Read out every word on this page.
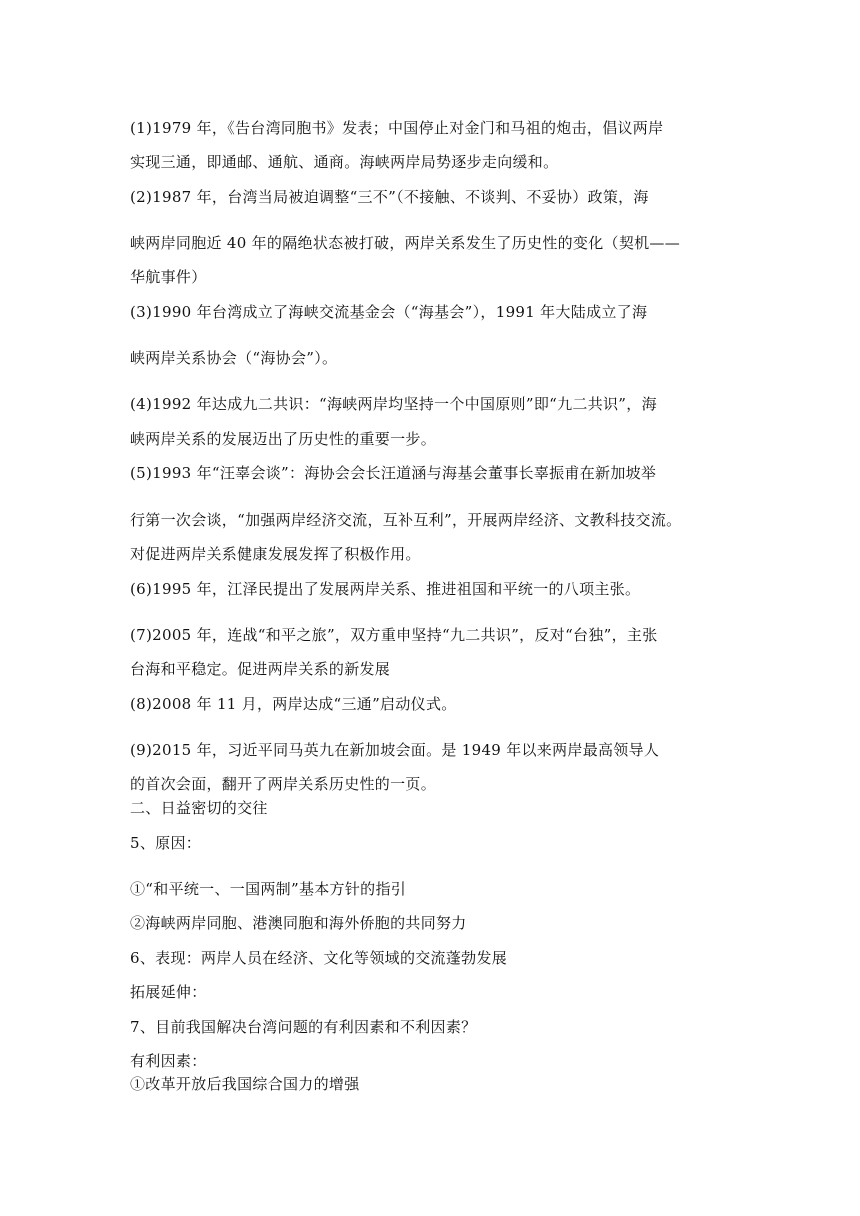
(1)1979 年，《告台湾同胞书》发表；中国停止对金门和马祖的炮击，倡议两岸
实现三通，即通邮、通航、通商。海峡两岸局势逐步走向缓和。
(2)1987 年，台湾当局被迫调整“三不”（不接触、不谈判、不妥协）政策，海
峡两岸同胞近 40 年的隔绝状态被打破，两岸关系发生了历史性的变化（契机——
华航事件）
(3)1990 年台湾成立了海峡交流基金会（“海基会”），1991 年大陆成立了海
峡两岸关系协会（“海协会”）。
(4)1992 年达成九二共识：“海峡两岸均坚持一个中国原则”即“九二共识”，海
峡两岸关系的发展迈出了历史性的重要一步。
(5)1993 年“汪辜会谈”：海协会会长汪道涵与海基会董事长辜振甫在新加坡举
行第一次会谈，“加强两岸经济交流，互补互利”，开展两岸经济、文教科技交流。
对促进两岸关系健康发展发挥了积极作用。
(6)1995 年，江泽民提出了发展两岸关系、推进祖国和平统一的八项主张。
(7)2005 年，连战“和平之旅”，双方重申坚持“九二共识”，反对“台独”，主张
台海和平稳定。促进两岸关系的新发展
(8)2008 年 11 月，两岸达成“三通”启动仪式。
(9)2015 年，习近平同马英九在新加坡会面。是 1949 年以来两岸最高领导人
的首次会面，翻开了两岸关系历史性的一页。
二、日益密切的交往
5、原因：
①“和平统一、一国两制”基本方针的指引
②海峡两岸同胞、港澳同胞和海外侨胞的共同努力
6、表现：两岸人员在经济、文化等领域的交流蓬勃发展
拓展延伸：
7、目前我国解决台湾问题的有利因素和不利因素？
有利因素：
①改革开放后我国综合国力的增强
